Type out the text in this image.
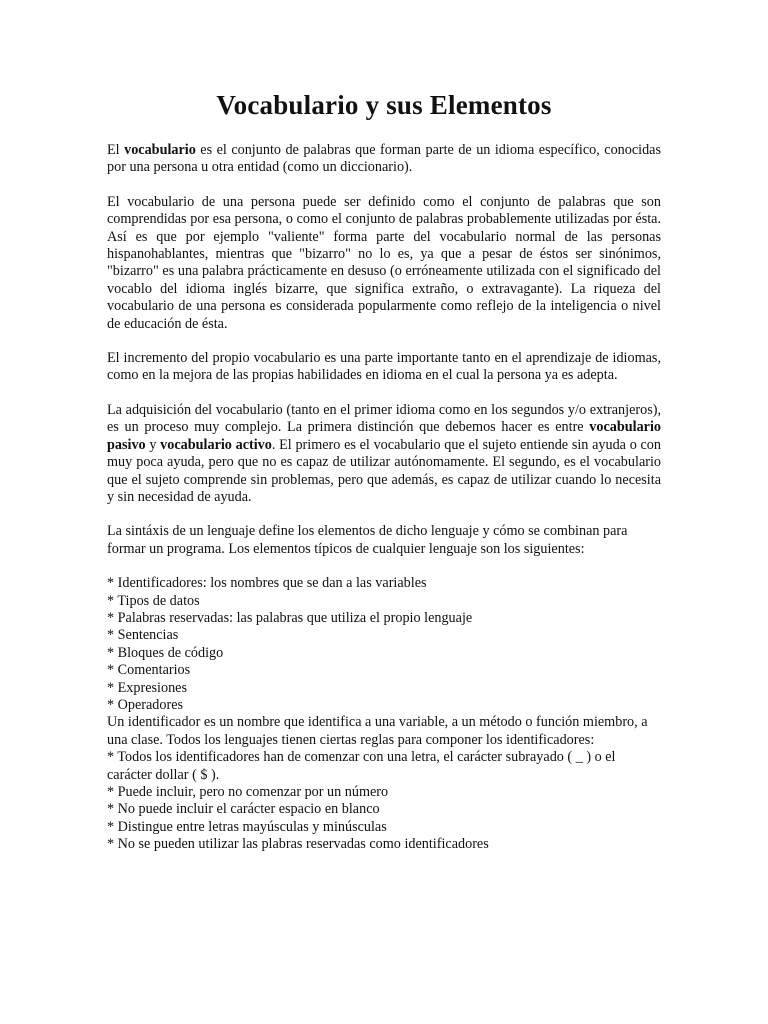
Vocabulario y sus Elementos

El vocabulario es el conjunto de palabras que forman parte de un idioma específico, conocidas por una persona u otra entidad (como un diccionario).

El vocabulario de una persona puede ser definido como el conjunto de palabras que son comprendidas por esa persona, o como el conjunto de palabras probablemente utilizadas por ésta. Así es que por ejemplo "valiente" forma parte del vocabulario normal de las personas hispanohablantes, mientras que "bizarro" no lo es, ya que a pesar de éstos ser sinónimos, "bizarro" es una palabra prácticamente en desuso (o erróneamente utilizada con el significado del vocablo del idioma inglés bizarre, que significa extraño, o extravagante). La riqueza del vocabulario de una persona es considerada popularmente como reflejo de la inteligencia o nivel de educación de ésta.

El incremento del propio vocabulario es una parte importante tanto en el aprendizaje de idiomas, como en la mejora de las propias habilidades en idioma en el cual la persona ya es adepta.

La adquisición del vocabulario (tanto en el primer idioma como en los segundos y/o extranjeros), es un proceso muy complejo. La primera distinción que debemos hacer es entre vocabulario pasivo y vocabulario activo. El primero es el vocabulario que el sujeto entiende sin ayuda o con muy poca ayuda, pero que no es capaz de utilizar autónomamente. El segundo, es el vocabulario que el sujeto comprende sin problemas, pero que además, es capaz de utilizar cuando lo necesita y sin necesidad de ayuda.

La sintáxis de un lenguaje define los elementos de dicho lenguaje y cómo se combinan para formar un programa. Los elementos típicos de cualquier lenguaje son los siguientes:

* Identificadores: los nombres que se dan a las variables
* Tipos de datos
* Palabras reservadas: las palabras que utiliza el propio lenguaje
* Sentencias
* Bloques de código
* Comentarios
* Expresiones
* Operadores
Un identificador es un nombre que identifica a una variable, a un método o función miembro, a una clase. Todos los lenguajes tienen ciertas reglas para componer los identificadores:
* Todos los identificadores han de comenzar con una letra, el carácter subrayado ( _ ) o el carácter dollar ( $ ).
* Puede incluir, pero no comenzar por un número
* No puede incluir el carácter espacio en blanco
* Distingue entre letras mayúsculas y minúsculas
* No se pueden utilizar las plabras reservadas como identificadores
